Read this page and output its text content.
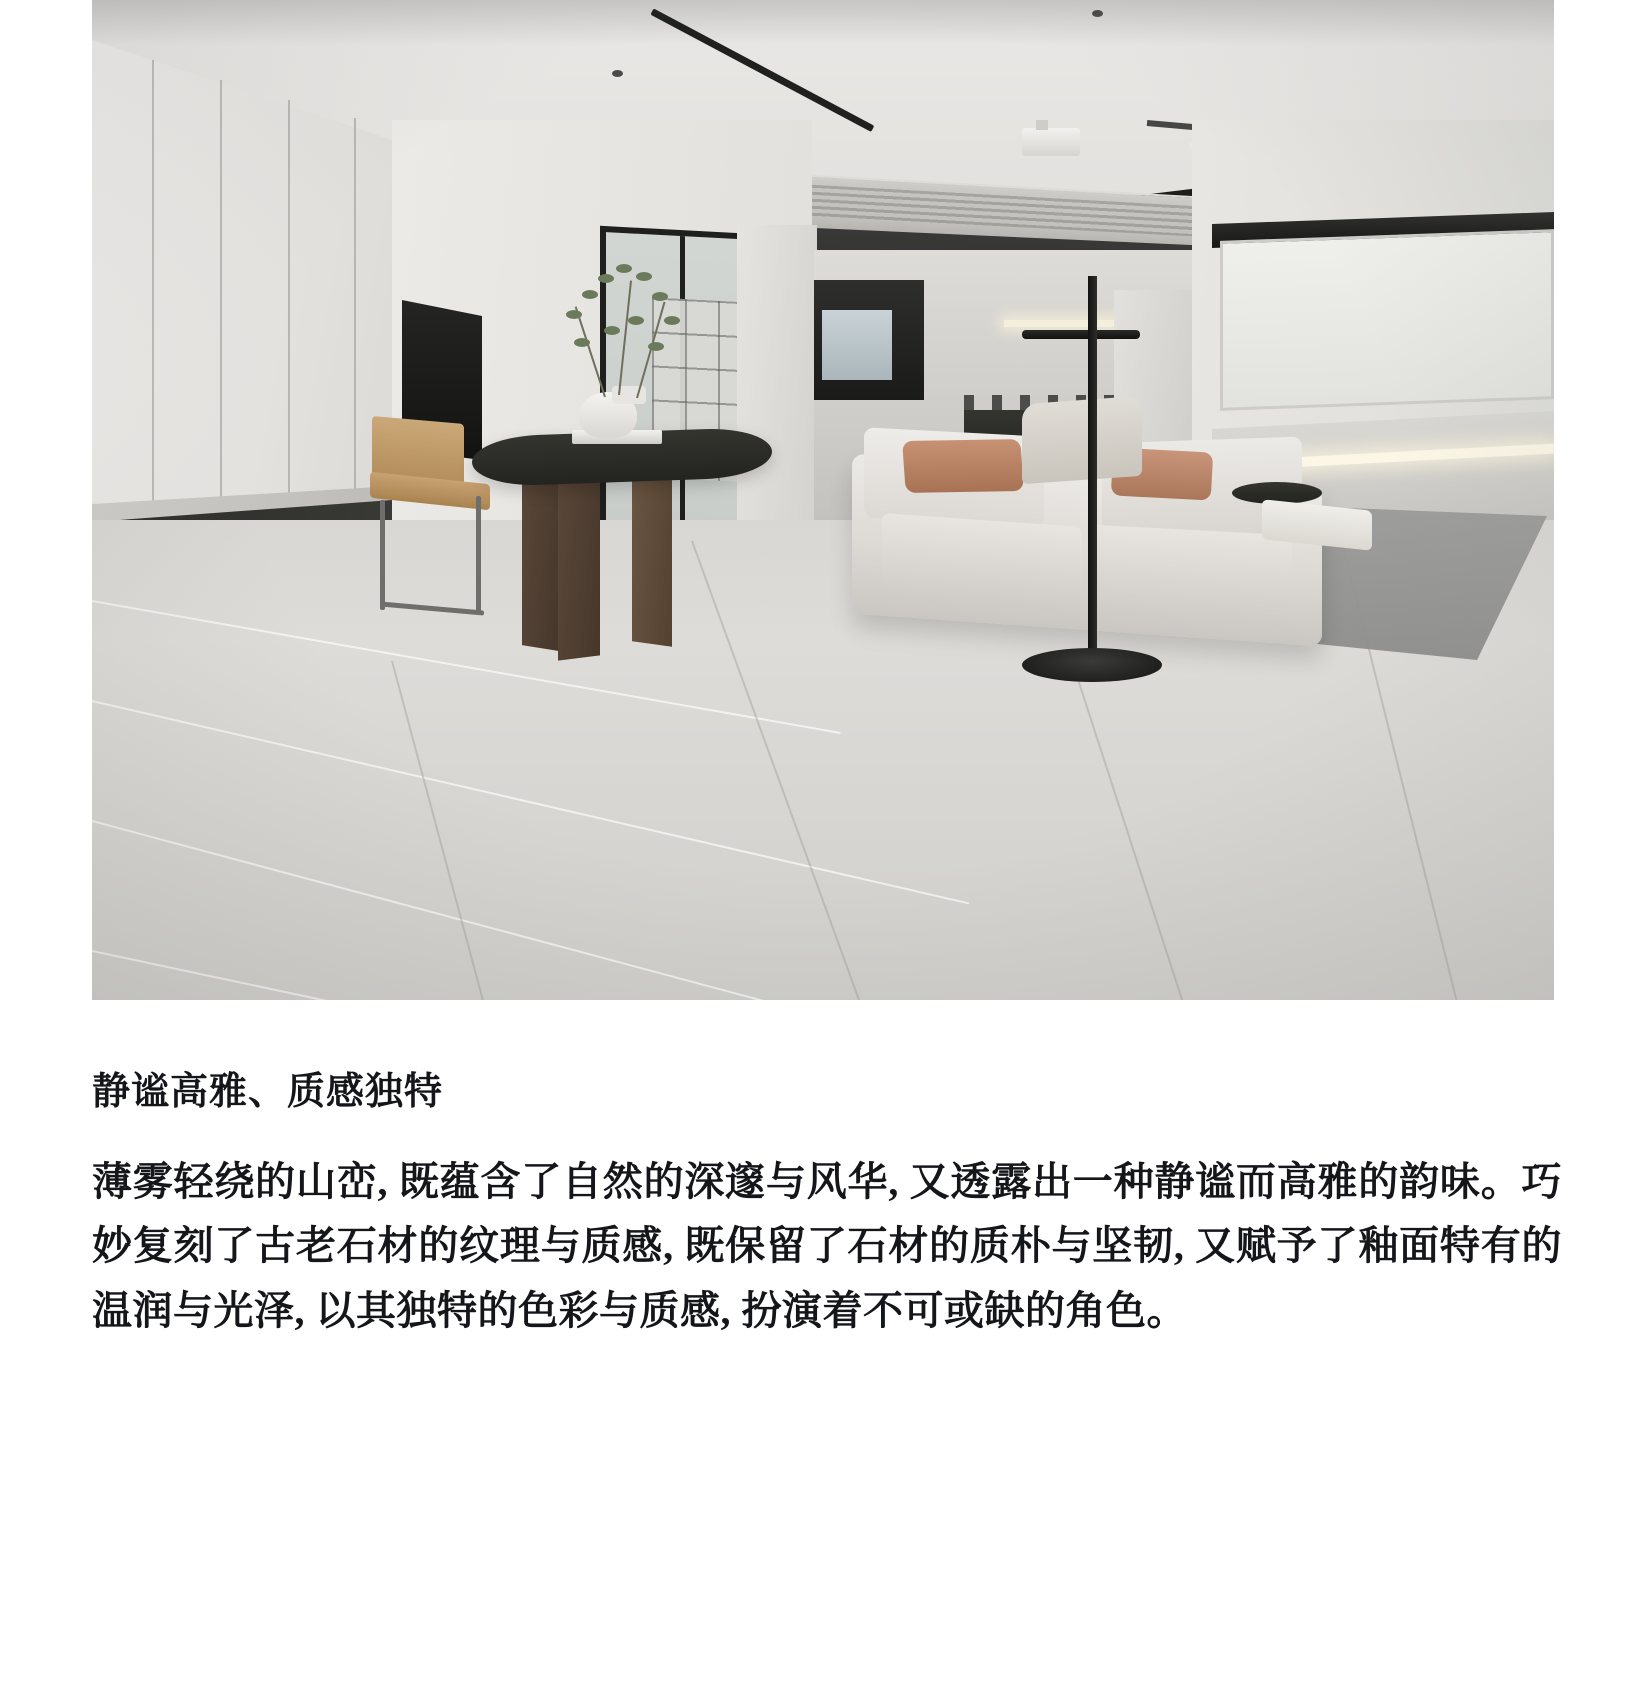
静谧高雅、质感独特

薄雾轻绕的山峦, 既蕴含了自然的深邃与风华, 又透露出一种静谧而高雅的韵味。巧妙复刻了古老石材的纹理与质感, 既保留了石材的质朴与坚韧, 又赋予了釉面特有的温润与光泽, 以其独特的色彩与质感, 扮演着不可或缺的角色。
